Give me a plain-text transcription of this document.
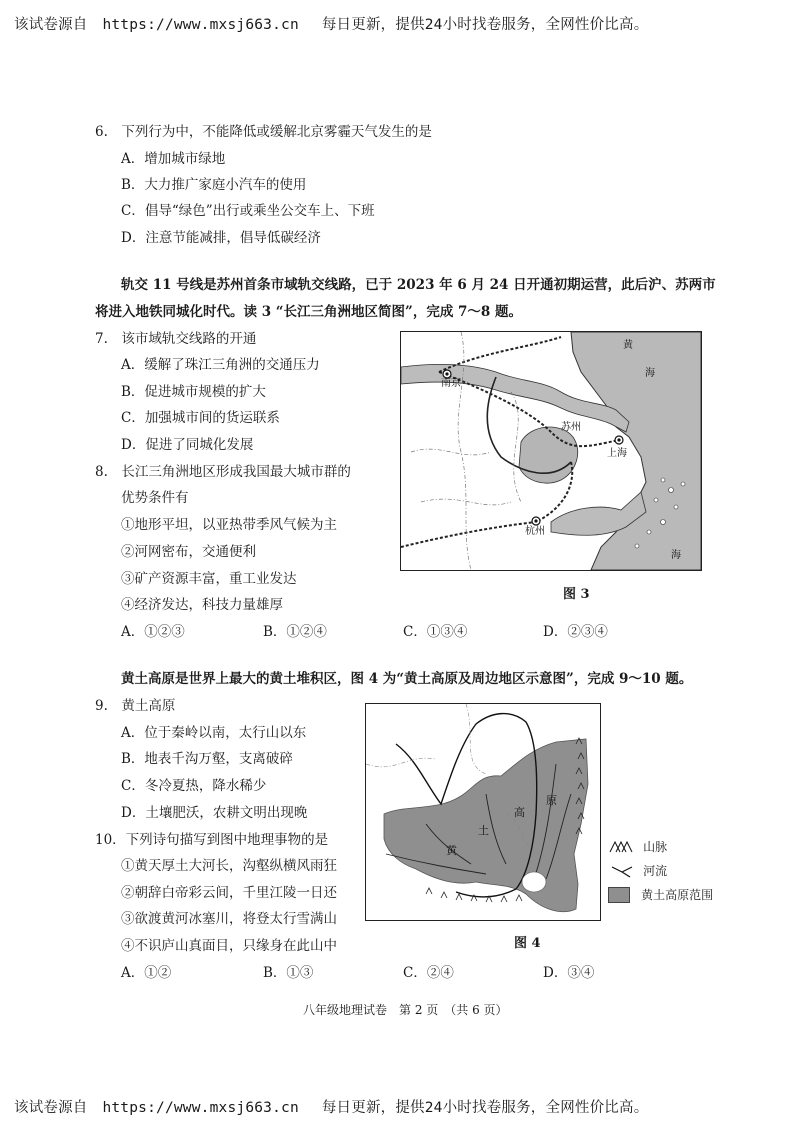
该试卷源自 https://www.mxsj663.cn 每日更新，提供24小时找卷服务，全网性价比高。
6.　下列行为中，不能降低或缓解北京雾霾天气发生的是
A．增加城市绿地
B．大力推广家庭小汽车的使用
C．倡导“绿色”出行或乘坐公交车上、下班
D．注意节能减排，倡导低碳经济
轨交 11 号线是苏州首条市域轨交线路，已于 2023 年 6 月 24 日开通初期运营，此后沪、苏两市
将进入地铁同城化时代。读 3 “长江三角洲地区简图”，完成 7～8 题。
7.　该市域轨交线路的开通
A．缓解了珠江三角洲的交通压力
B．促进城市规模的扩大
C．加强城市间的货运联系
D．促进了同城化发展
8.　长江三角洲地区形成我国最大城市群的
优势条件有
①地形平坦，以亚热带季风气候为主
②河网密布，交通便利
③矿产资源丰富，重工业发达
④经济发达，科技力量雄厚
A．①②③	B．①②④	C．①③④	D．②③④
南京
苏州
上海
杭州
黄
海
海
图 3
黄土高原是世界上最大的黄土堆积区，图 4 为“黄土高原及周边地区示意图”，完成 9～10 题。
9.　黄土高原
A．位于秦岭以南，太行山以东
B．地表千沟万壑，支离破碎
C．冬冷夏热，降水稀少
D．土壤肥沃，农耕文明出现晚
10．下列诗句描写到图中地理事物的是
①黄天厚土大河长，沟壑纵横风雨狂
②朝辞白帝彩云间，千里江陵一日还
③欲渡黄河冰塞川，将登太行雪满山
④不识庐山真面目，只缘身在此山中
A．①②	B．①③	C．②④	D．③④
黄
土
高
原
山脉
河流
黄土高原范围
图 4
八年级地理试卷　第 2 页　（共 6 页）
该试卷源自 https://www.mxsj663.cn 每日更新，提供24小时找卷服务，全网性价比高。
